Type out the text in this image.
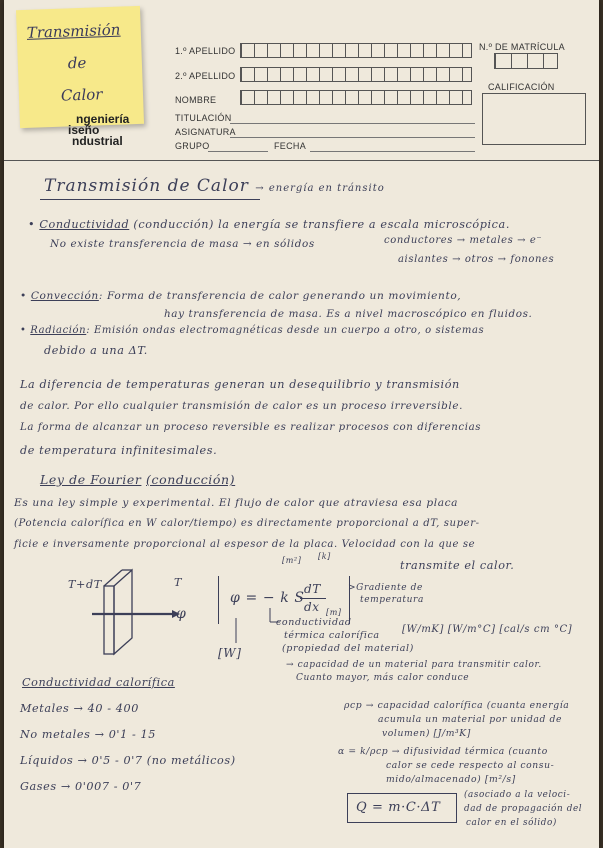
Transmisión
de
Calor
1.º APELLIDO
2.º APELLIDO
NOMBRE
N.º DE MATRÍCULA
CALIFICACIÓN
TITULACIÓN
ASIGNATURA
GRUPO	FECHA
ngeniería
iseño
ndustrial
Transmisión de Calor → energía en tránsito
• Conductividad (conducción) la energía se transfiere a escala microscópica.
No existe transferencia de masa → en sólidos	conductores → metales → e⁻
aislantes → otros → fonones
• Convección: Forma de transferencia de calor generando un movimiento,
hay transferencia de masa. Es a nivel macroscópico en fluidos.
• Radiación: Emisión ondas electromagnéticas desde un cuerpo a otro, o sistemas
debido a una ΔT.
La diferencia de temperaturas generan un desequilibrio y transmisión
de calor. Por ello cualquier transmisión de calor es un proceso irreversible.
La forma de alcanzar un proceso reversible es realizar procesos con diferencias
de temperatura infinitesimales.
Ley de Fourier (conducción)
Es una ley simple y experimental. El flujo de calor que atraviesa esa placa
(Potencia calorífica en W calor/tiempo) es directamente proporcional a dT, super-
ficie e inversamente proporcional al espesor de la placa. Velocidad con la que se
transmite el calor.
T+dT	T
φ
φ = − k S
dT
dx
[m²] [k]
[m]
[W]
>Gradiente de
temperatura
conductividad
térmica calorífica
(propiedad del material)
[W/mK] [W/m°C] [cal/s cm °C]
→ capacidad de un material para transmitir calor.
Cuanto mayor, más calor conduce
Conductividad calorífica
Metales → 40 - 400
No metales → 0'1 - 15
Líquidos → 0'5 - 0'7 (no metálicos)
Gases → 0'007 - 0'7
ρcp → capacidad calorífica (cuanta energía
acumula un material por unidad de
volumen) [J/m³K]
α = k/ρcp → difusividad térmica (cuanto
calor se cede respecto al consu-
mido/almacenado) [m²/s]
(asociado a la veloci-
dad de propagación del
calor en el sólido)
Q = m·C·ΔT
